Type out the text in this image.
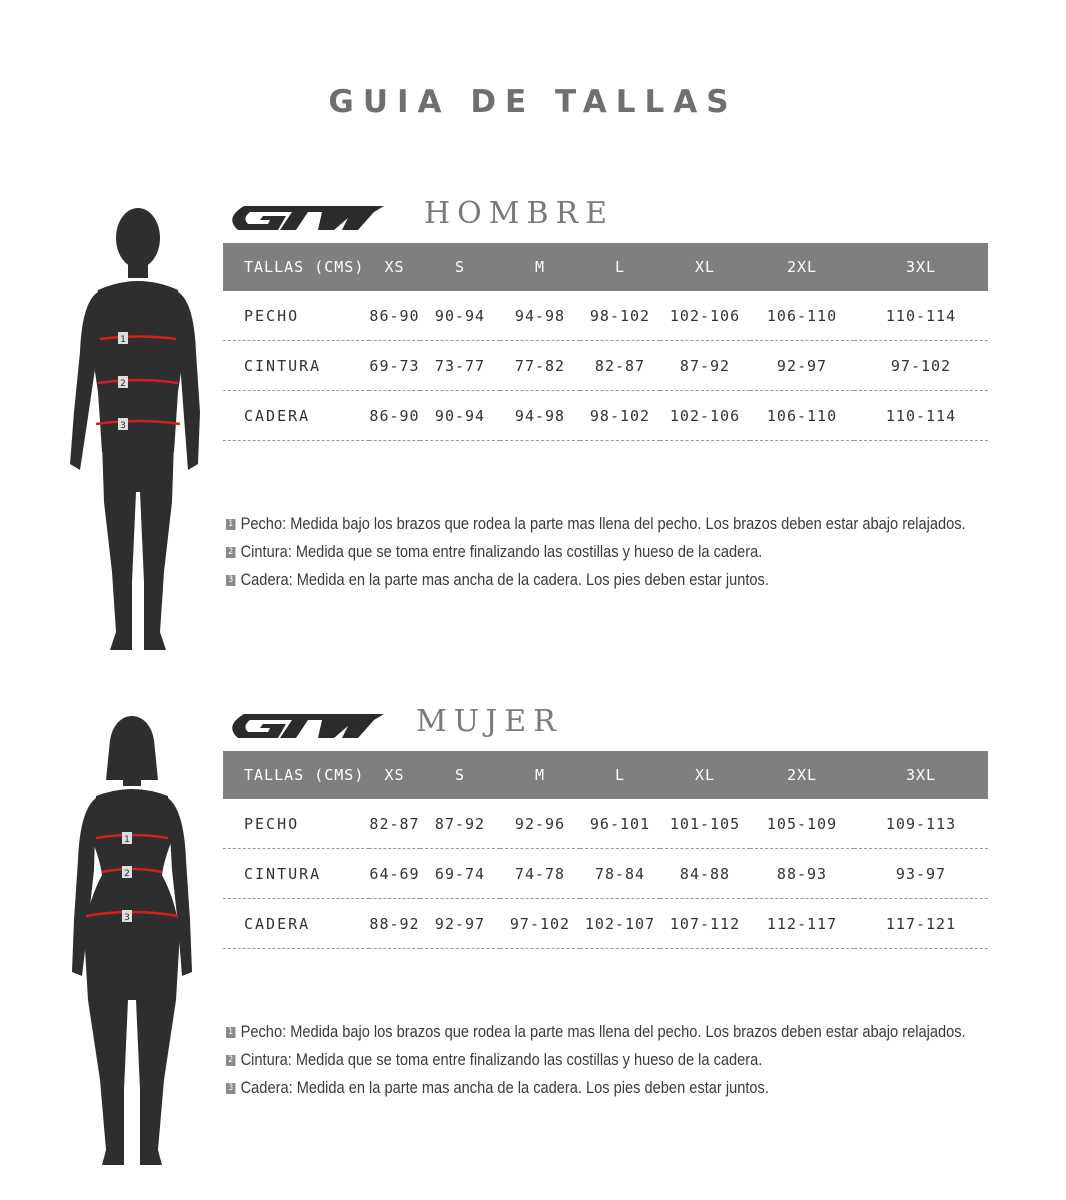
GUIA DE TALLAS
1
2
3
HOMBRE
TALLAS (CMS)	XS	S	M	L	XL	2XL	3XL
PECHO	86-90	90-94	94-98	98-102	102-106	106-110	110-114
CINTURA	69-73	73-77	77-82	82-87	87-92	92-97	97-102
CADERA	86-90	90-94	94-98	98-102	102-106	106-110	110-114
1 Pecho: Medida bajo los brazos que rodea la parte mas llena del pecho. Los brazos deben estar abajo relajados.
2 Cintura: Medida que se toma entre finalizando las costillas y hueso de la cadera.
3 Cadera: Medida en la parte mas ancha de la cadera. Los pies deben estar juntos.
1
2
3
MUJER
TALLAS (CMS)	XS	S	M	L	XL	2XL	3XL
PECHO	82-87	87-92	92-96	96-101	101-105	105-109	109-113
CINTURA	64-69	69-74	74-78	78-84	84-88	88-93	93-97
CADERA	88-92	92-97	97-102	102-107	107-112	112-117	117-121
1 Pecho: Medida bajo los brazos que rodea la parte mas llena del pecho. Los brazos deben estar abajo relajados.
2 Cintura: Medida que se toma entre finalizando las costillas y hueso de la cadera.
3 Cadera: Medida en la parte mas ancha de la cadera. Los pies deben estar juntos.
